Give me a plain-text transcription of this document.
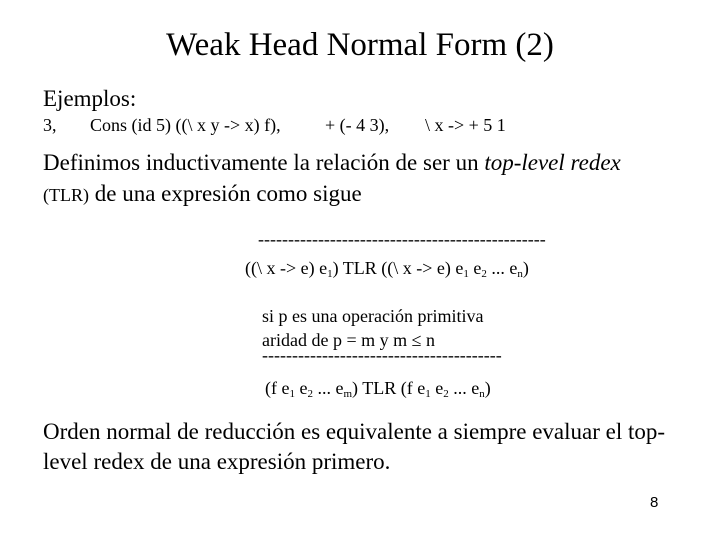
Weak Head Normal Form (2)
Ejemplos:
3, Cons (id 5) ((\ x y -> x) f), + (- 4 3), \ x -> + 5 1
Definimos inductivamente la relación de ser un top-level redex
(TLR) de una expresión como sigue
------------------------------------------------
((\ x -> e) $e_1$) TLR ((\ x -> e) $e_1$ $e_2$ ... $e_n$)
si p es una operación primitiva
aridad de p = m y m ≤ n
----------------------------------------
(f $e_1$ $e_2$ ... $e_m$) TLR (f $e_1$ $e_2$ ... $e_n$)
Orden normal de reducción es equivalente a siempre evaluar el top-level redex de una expresión primero.
8
